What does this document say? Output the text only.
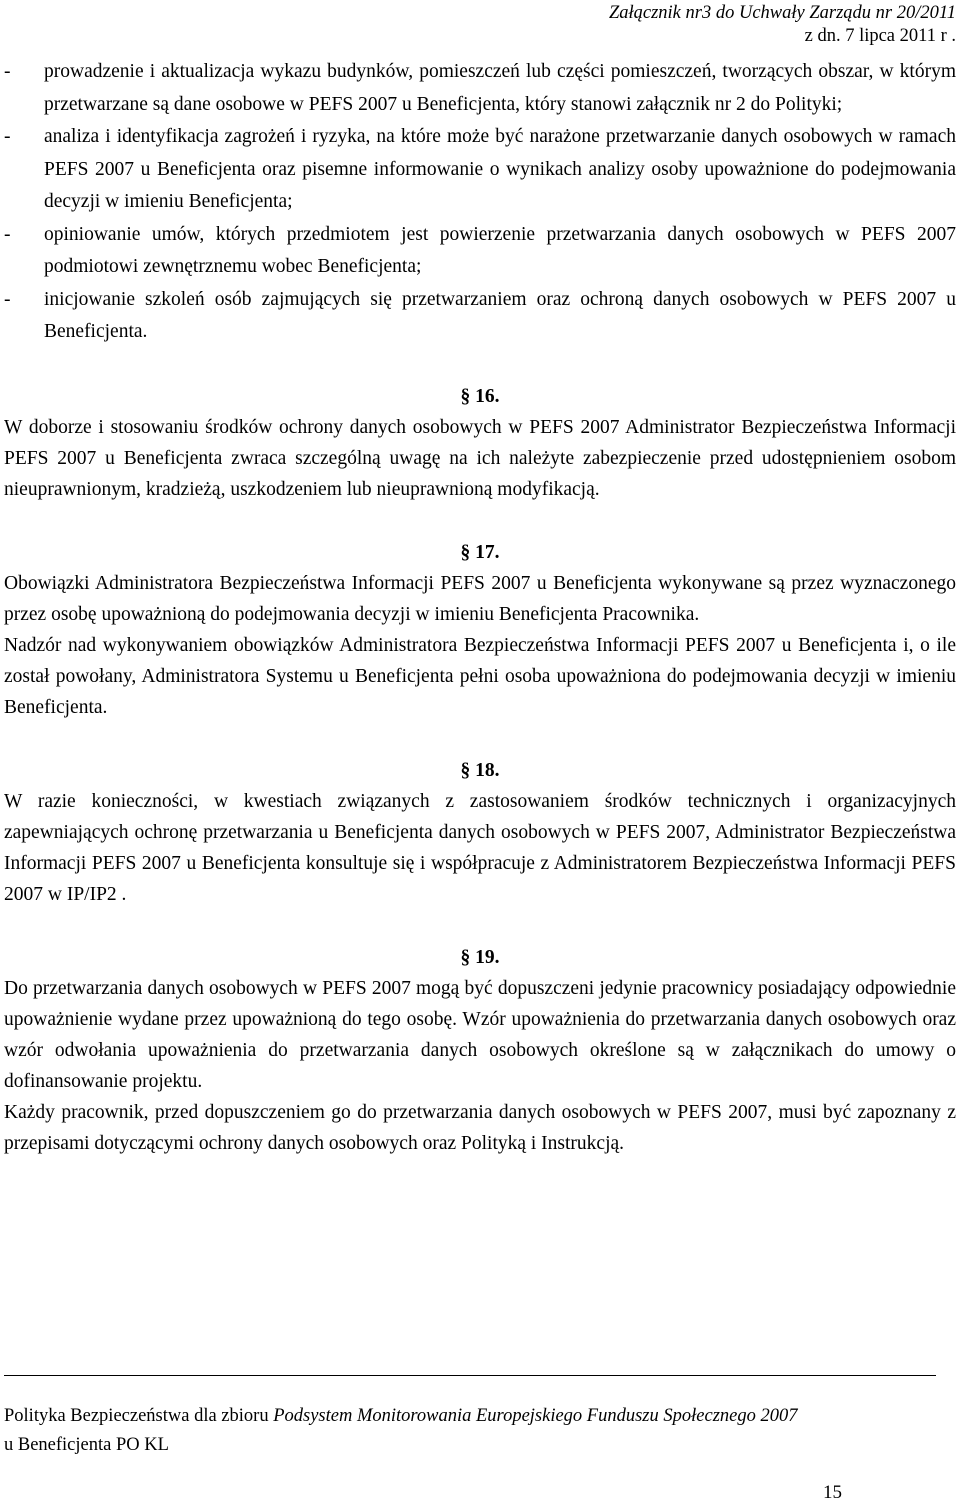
Załącznik nr3 do Uchwały Zarządu nr 20/2011
z dn. 7 lipca 2011 r .
-	prowadzenie i aktualizacja wykazu budynków, pomieszczeń lub części pomieszczeń, tworzących obszar, w którym przetwarzane są dane osobowe w PEFS 2007 u Beneficjenta, który stanowi załącznik nr 2 do Polityki;
-	analiza i identyfikacja zagrożeń i ryzyka, na które może być narażone przetwarzanie danych osobowych w ramach PEFS 2007 u Beneficjenta oraz pisemne informowanie o wynikach analizy osoby upoważnione do podejmowania decyzji w imieniu Beneficjenta;
-	opiniowanie umów, których przedmiotem jest powierzenie przetwarzania danych osobowych w PEFS 2007 podmiotowi zewnętrznemu wobec Beneficjenta;
-	inicjowanie szkoleń osób zajmujących się przetwarzaniem oraz ochroną danych osobowych w PEFS 2007 u Beneficjenta.

§ 16.

W doborze i stosowaniu środków ochrony danych osobowych w PEFS 2007 Administrator Bezpieczeństwa Informacji PEFS 2007 u Beneficjenta zwraca szczególną uwagę na ich należyte zabezpieczenie przed udostępnieniem osobom nieuprawnionym, kradzieżą, uszkodzeniem lub nieuprawnioną modyfikacją.

§ 17.

Obowiązki Administratora Bezpieczeństwa Informacji PEFS 2007 u Beneficjenta wykonywane są przez wyznaczonego przez osobę upoważnioną do podejmowania decyzji w imieniu Beneficjenta Pracownika.

Nadzór nad wykonywaniem obowiązków Administratora Bezpieczeństwa Informacji PEFS 2007 u Beneficjenta i, o ile został powołany, Administratora Systemu u Beneficjenta pełni osoba upoważniona do podejmowania decyzji w imieniu Beneficjenta.

§ 18.

W razie konieczności, w kwestiach związanych z zastosowaniem środków technicznych i organizacyjnych zapewniających ochronę przetwarzania u Beneficjenta danych osobowych w PEFS 2007, Administrator Bezpieczeństwa Informacji PEFS 2007 u Beneficjenta konsultuje się i współpracuje z Administratorem Bezpieczeństwa Informacji PEFS 2007 w IP/IP2 .

§ 19.

Do przetwarzania danych osobowych w PEFS 2007 mogą być dopuszczeni jedynie pracownicy posiadający odpowiednie upoważnienie wydane przez upoważnioną do tego osobę. Wzór upoważnienia do przetwarzania danych osobowych oraz wzór odwołania upoważnienia do przetwarzania danych osobowych określone są w załącznikach do umowy o dofinansowanie projektu.

Każdy pracownik, przed dopuszczeniem go do przetwarzania danych osobowych w PEFS 2007, musi być zapoznany z przepisami dotyczącymi ochrony danych osobowych oraz Polityką i Instrukcją.

Polityka Bezpieczeństwa dla zbioru Podsystem Monitorowania Europejskiego Funduszu Społecznego 2007
u Beneficjenta PO KL
15
